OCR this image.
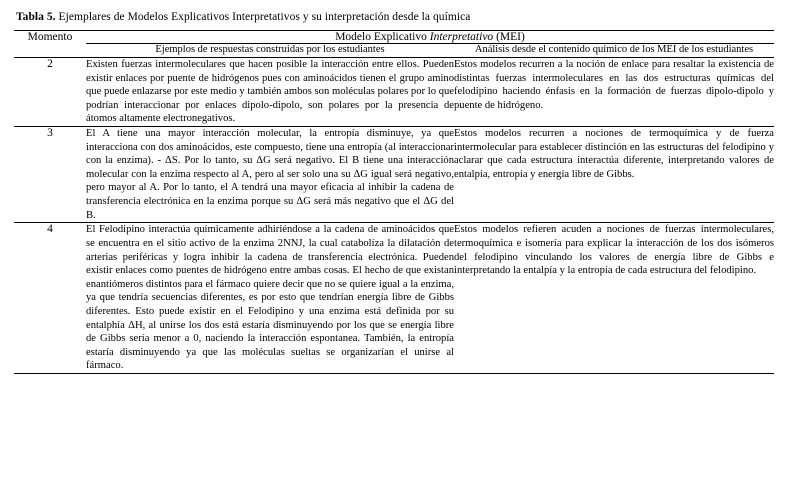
Tabla 5. Ejemplares de Modelos Explicativos Interpretativos y su interpretación desde la química
Momento	Modelo Explicativo Interpretativo (MEI)	
	Ejemplos de respuestas construidas por los estudiantes	Análisis desde el contenido químico de los MEI de los estudiantes
2	Existen fuerzas intermoleculares que hacen posible la interacción entre ellos. Pueden existir enlaces por puente de hidrógenos pues con aminoácidos tienen el grupo amino que puede enlazarse por este medio y también ambos son moléculas polares por lo que podrían interaccionar por enlaces dipolo-dipolo, son polares por la presencia de átomos altamente electronegativos.	Estos modelos recurren a la noción de enlace para resaltar la existencia de distintas fuerzas intermoleculares en las dos estructuras químicas del felodipino haciendo énfasis en la formación de fuerzas dipolo-dipolo y puente de hidrógeno.
3	El A tiene una mayor interacción molecular, la entropía disminuye, ya que interacciona con dos aminoácidos, este compuesto, tiene una entropía (al interaccionar con la enzima). - ΔS. Por lo tanto, su ΔG será negativo. El B tiene una interacción molecular con la enzima respecto al A, pero al ser solo una su ΔG igual será negativo, pero mayor al A. Por lo tanto, el A tendrá una mayor eficacia al inhibir la cadena de transferencia electrónica en la enzima porque su ΔG será más negativo que el ΔG del B.	Estos modelos recurren a nociones de termoquímica y de fuerza intermolecular para establecer distinción en las estructuras del felodipino y aclarar que cada estructura interactúa diferente, interpretando valores de entalpía, entropía y energía libre de Gibbs.
4	El Felodipino interactúa químicamente adhiriéndose a la cadena de aminoácidos que se encuentra en el sitio activo de la enzima 2NNJ, la cual catabolíza la dilatación de arterias periféricas y logra inhibir la cadena de transferencia electrónica. Pueden existir enlaces como puentes de hidrógeno entre ambas cosas. El hecho de que existan enantiómeros distintos para el fármaco quiere decir que no se quiere igual a la enzima, ya que tendría secuencias diferentes, es por esto que tendrían energía libre de Gibbs diferentes. Esto puede existir en el Felodipino y una enzima está definida por su entalphía ΔH, al unirse los dos está estaría disminuyendo por los que se energía libre de Gibbs sería menor a 0, naciendo la interacción espontanea. También, la entropía estaría disminuyendo ya que las moléculas sueltas se organizarían el unirse al fármaco.	Estos modelos refieren acuden a nociones de fuerzas intermoleculares, termoquímica e isomería para explicar la interacción de los dos isómeros del felodipino vinculando los valores de energía libre de Gibbs e interpretando la entalpía y la entropía de cada estructura del felodipino.
